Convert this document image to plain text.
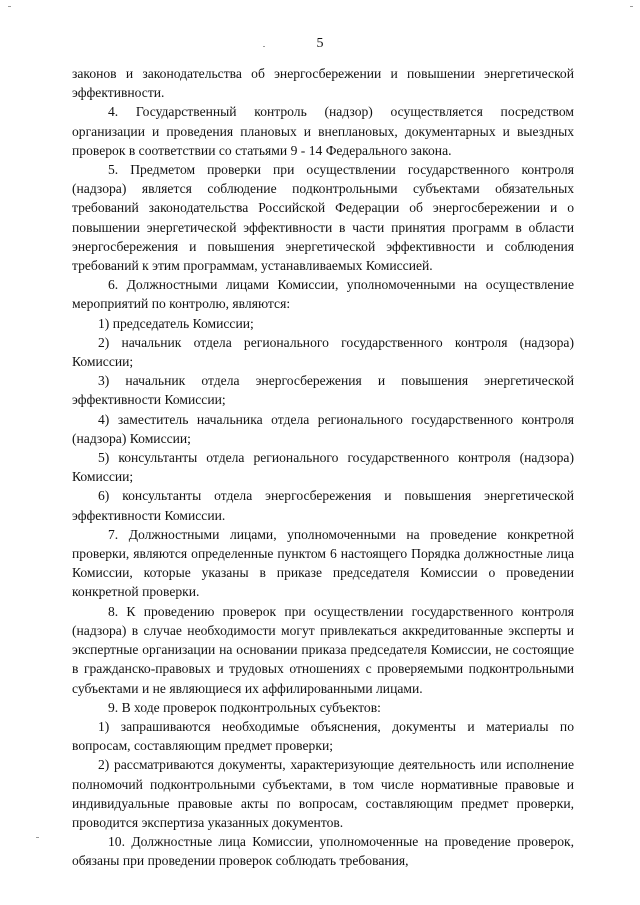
5

законов и законодательства об энергосбережении и повышении энергетической эффективности.

4. Государственный контроль (надзор) осуществляется посредством организации и проведения плановых и внеплановых, документарных и выездных проверок в соответствии со статьями 9 - 14 Федерального закона.

5. Предметом проверки при осуществлении государственного контроля (надзора) является соблюдение подконтрольными субъектами обязательных требований законодательства Российской Федерации об энергосбережении и о повышении энергетической эффективности в части принятия программ в области энергосбережения и повышения энергетической эффективности и соблюдения требований к этим программам, устанавливаемых Комиссией.

6. Должностными лицами Комиссии, уполномоченными на осуществление мероприятий по контролю, являются:

1) председатель Комиссии;

2) начальник отдела регионального государственного контроля (надзора) Комиссии;

3) начальник отдела энергосбережения и повышения энергетической эффективности Комиссии;

4) заместитель начальника отдела регионального государственного контроля (надзора) Комиссии;

5) консультанты отдела регионального государственного контроля (надзора) Комиссии;

6) консультанты отдела энергосбережения и повышения энергетической эффективности Комиссии.

7. Должностными лицами, уполномоченными на проведение конкретной проверки, являются определенные пунктом 6 настоящего Порядка должностные лица Комиссии, которые указаны в приказе председателя Комиссии о проведении конкретной проверки.

8. К проведению проверок при осуществлении государственного контроля (надзора) в случае необходимости могут привлекаться аккредитованные эксперты и экспертные организации на основании приказа председателя Комиссии, не состоящие в гражданско-правовых и трудовых отношениях с проверяемыми подконтрольными субъектами и не являющиеся их аффилированными лицами.

9. В ходе проверок подконтрольных субъектов:

1) запрашиваются необходимые объяснения, документы и материалы по вопросам, составляющим предмет проверки;

2) рассматриваются документы, характеризующие деятельность или исполнение полномочий подконтрольными субъектами, в том числе нормативные правовые и индивидуальные правовые акты по вопросам, составляющим предмет проверки, проводится экспертиза указанных документов.

10. Должностные лица Комиссии, уполномоченные на проведение проверок, обязаны при проведении проверок соблюдать требования,
